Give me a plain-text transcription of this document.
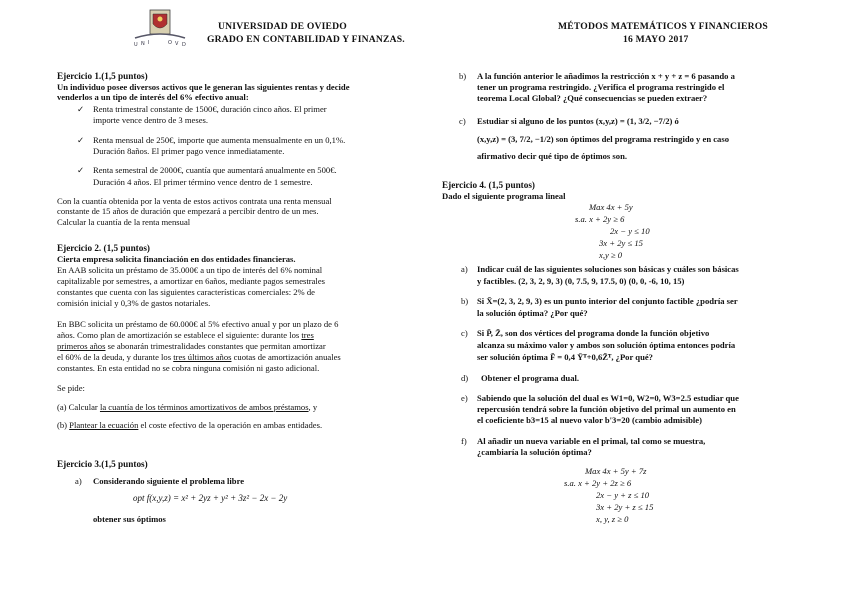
U N I	O V D
UNIVERSIDAD DE OVIEDO
GRADO EN CONTABILIDAD Y FINANZAS.
MÉTODOS MATEMÁTICOS Y FINANCIEROS
16 MAYO 2017
Ejercicio 1.(1,5 puntos)
Un individuo posee diversos activos que le generan las siguientes rentas y decide
venderlos a un tipo de interés del 6% efectivo anual:
✓ Renta trimestral constante de 1500€, duración cinco años. El primer
importe vence dentro de 3 meses.
✓ Renta mensual de 250€, importe que aumenta mensualmente en un 0,1%.
Duración 8años. El primer pago vence inmediatamente.
✓ Renta semestral de 2000€, cuantía que aumentará anualmente en 500€.
Duración 4 años. El primer término vence dentro de 1 semestre.
Con la cuantía obtenida por la venta de estos activos contrata una renta mensual
constante de 15 años de duración que empezará a percibir dentro de un mes.
Calcular la cuantía de la renta mensual
Ejercicio 2. (1,5 puntos)
Cierta empresa solicita financiación en dos entidades financieras.
En AAB solicita un préstamo de 35.000€ a un tipo de interés del 6% nominal
capitalizable por semestres, a amortizar en 6años, mediante pagos semestrales
constantes que cuenta con las siguientes características comerciales: 2% de
comisión inicial y 0,3% de gastos notariales.
En BBC solicita un préstamo de 60.000€ al 5% efectivo anual y por un plazo de 6
años. Como plan de amortización se establece el siguiente: durante los tres
primeros años se abonarán trimestralidades constantes que permitan amortizar
el 60% de la deuda, y durante los tres últimos años cuotas de amortización anuales
constantes. En esta entidad no se cobra ninguna comisión ni gasto adicional.
Se pide:
(a) Calcular la cuantía de los términos amortizativos de ambos préstamos, y
(b) Plantear la ecuación el coste efectivo de la operación en ambas entidades.
Ejercicio 3.(1,5 puntos)
a) Considerando siguiente el problema libre
opt f(x,y,z) = x² + 2yz + y² + 3z² − 2x − 2y
obtener sus óptimos
b) A la función anterior le añadimos la restricción x + y + z = 6 pasando a
tener un programa restringido. ¿Verifica el programa restringido el
teorema Local Global? ¿Qué consecuencias se pueden extraer?
c) Estudiar si alguno de los puntos (x,y,z) = (1, 3/2, −7/2) ó
(x,y,z) = (3, 7/2, −1/2) son óptimos del programa restringido y en caso
afirmativo decir qué tipo de óptimos son.
Ejercicio 4. (1,5 puntos)
Dado el siguiente programa lineal
Max 4x + 5y
s.a. x + 2y ≥ 6
2x − y ≤ 10
3x + 2y ≤ 15
x,y ≥ 0
a) Indicar cuál de las siguientes soluciones son básicas y cuáles son básicas
y factibles. (2, 3, 2, 9, 3) (0, 7.5, 9, 17.5, 0) (0, 0, -6, 10, 15)
b) Si X̄=(2, 3, 2, 9, 3) es un punto interior del conjunto factible ¿podría ser
la solución óptima? ¿Por qué?
c) Si P̄, Z̄, son dos vértices del programa donde la función objetivo
alcanza su máximo valor y ambos son solución óptima entonces podría
ser solución óptima F̄ = 0,4 Ȳᵀ+0,6Z̄ᵀ, ¿Por qué?
d) Obtener el programa dual.
e) Sabiendo que la solución del dual es W1=0, W2=0, W3=2.5 estudiar que
repercusión tendrá sobre la función objetivo del primal un aumento en
el coeficiente b3=15 al nuevo valor b'3=20 (cambio admisible)
f) Al añadir un nueva variable en el primal, tal como se muestra,
¿cambiaría la solución óptima?
Max 4x + 5y + 7z
s.a. x + 2y + 2z ≥ 6
2x − y + z ≤ 10
3x + 2y + z ≤ 15
x, y, z ≥ 0
